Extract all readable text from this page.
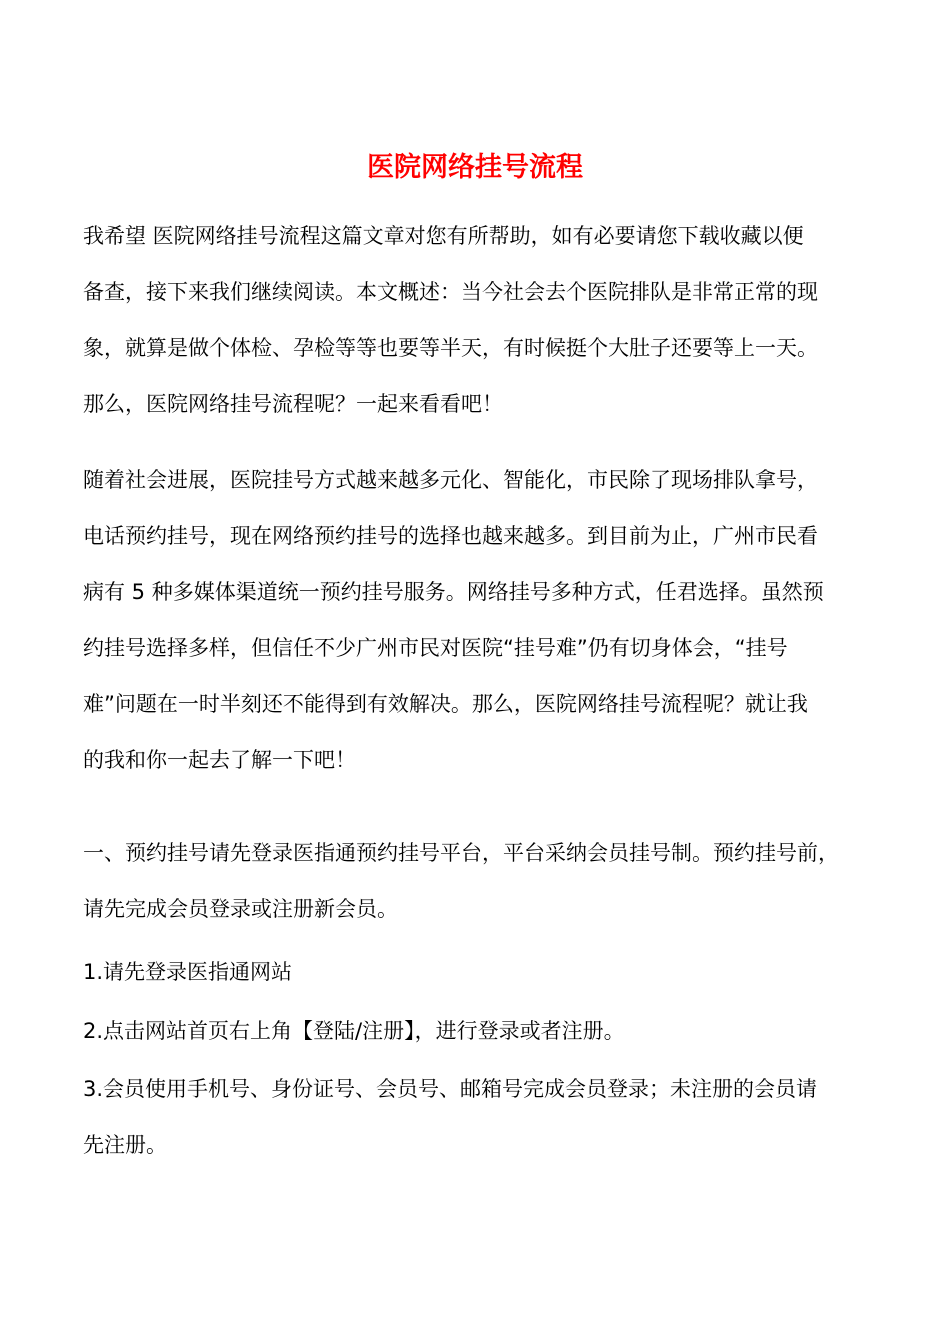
医院网络挂号流程
我希望 医院网络挂号流程这篇文章对您有所帮助，如有必要请您下载收藏以便
备查，接下来我们继续阅读。本文概述：当今社会去个医院排队是非常正常的现
象，就算是做个体检、孕检等等也要等半天，有时候挺个大肚子还要等上一天。
那么，医院网络挂号流程呢？一起来看看吧！
随着社会进展，医院挂号方式越来越多元化、智能化，市民除了现场排队拿号，
电话预约挂号，现在网络预约挂号的选择也越来越多。到目前为止，广州市民看
病有 5 种多媒体渠道统一预约挂号服务。网络挂号多种方式，任君选择。虽然预
约挂号选择多样，但信任不少广州市民对医院“挂号难”仍有切身体会，“挂号
难”问题在一时半刻还不能得到有效解决。那么，医院网络挂号流程呢？就让我
的我和你一起去了解一下吧！
一、预约挂号请先登录医指通预约挂号平台，平台采纳会员挂号制。预约挂号前，
请先完成会员登录或注册新会员。
1.请先登录医指通网站
2.点击网站首页右上角【登陆/注册】，进行登录或者注册。
3.会员使用手机号、身份证号、会员号、邮箱号完成会员登录；未注册的会员请
先注册。
